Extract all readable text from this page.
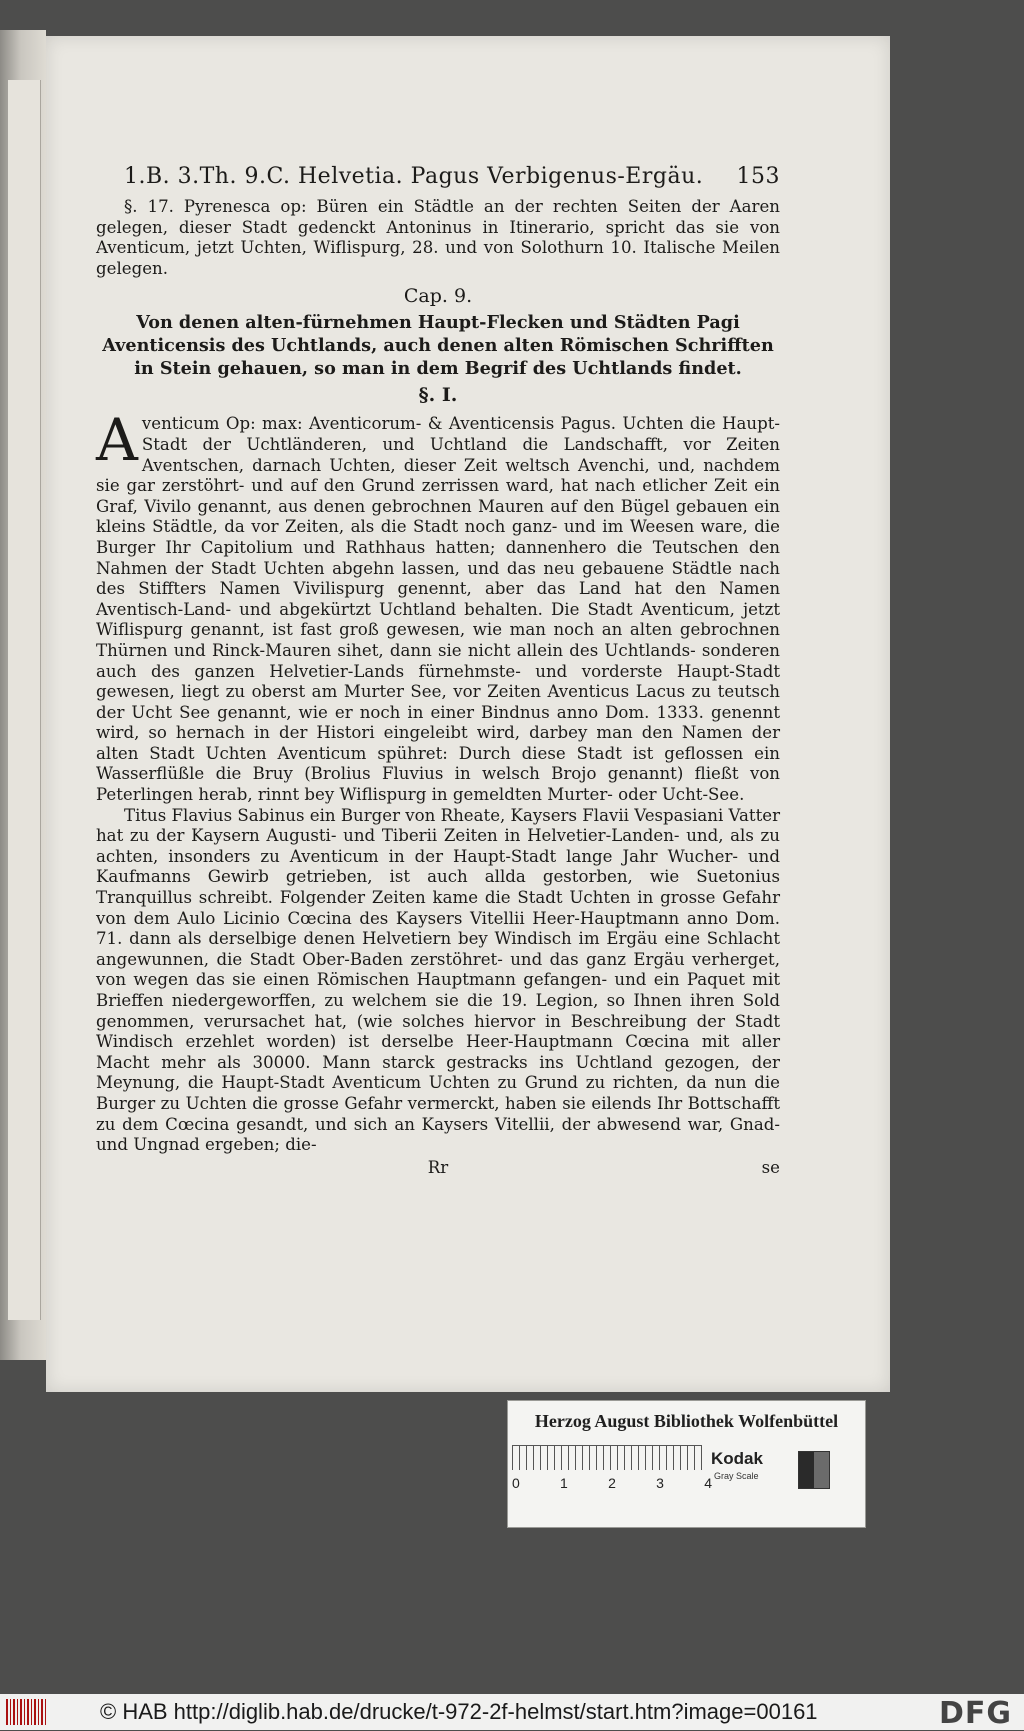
1.B. 3.Th. 9.C. Helvetia. Pagus Verbigenus-Ergäu. 153

§. 17. Pyrenesca op: Büren ein Städtle an der rechten Seiten der Aaren gelegen, dieser Stadt gedenckt Antoninus in Itinerario, spricht das sie von Aventicum, jetzt Uchten, Wiflispurg, 28. und von Solothurn 10. Italische Meilen gelegen.

Cap. 9.
Von denen alten-fürnehmen Haupt-Flecken und Städten Pagi Aventicensis des Uchtlands, auch denen alten Römischen Schrifften in Stein gehauen, so man in dem Begrif des Uchtlands findet.
§. I.

Aventicum Op: max: Aventicorum- & Aventicensis Pagus. Uchten die Haupt-Stadt der Uchtländeren, und Uchtland die Landschafft, vor Zeiten Aventschen, darnach Uchten, dieser Zeit weltsch Avenchi, und, nachdem sie gar zerstöhrt- und auf den Grund zerrissen ward, hat nach etlicher Zeit ein Graf, Vivilo genannt, aus denen gebrochnen Mauren auf den Bügel gebauen ein kleins Städtle, da vor Zeiten, als die Stadt noch ganz- und im Weesen ware, die Burger Ihr Capitolium und Rathhaus hatten; dannenhero die Teutschen den Nahmen der Stadt Uchten abgehn lassen, und das neu gebauene Städtle nach des Stiffters Namen Vivilispurg genennt, aber das Land hat den Namen Aventisch-Land- und abgekürtzt Uchtland behalten. Die Stadt Aventicum, jetzt Wiflispurg genannt, ist fast groß gewesen, wie man noch an alten gebrochnen Thürnen und Rinck-Mauren sihet, dann sie nicht allein des Uchtlands- sonderen auch des ganzen Helvetier-Lands fürnehmste- und vorderste Haupt-Stadt gewesen, liegt zu oberst am Murter See, vor Zeiten Aventicus Lacus zu teutsch der Ucht See genannt, wie er noch in einer Bindnus anno Dom. 1333. genennt wird, so hernach in der Histori eingeleibt wird, darbey man den Namen der alten Stadt Uchten Aventicum spühret: Durch diese Stadt ist geflossen ein Wasserflüßle die Bruy (Brolius Fluvius in welsch Brojo genannt) fließt von Peterlingen herab, rinnt bey Wiflispurg in gemeldten Murter- oder Ucht-See.

Titus Flavius Sabinus ein Burger von Rheate, Kaysers Flavii Vespasiani Vatter hat zu der Kaysern Augusti- und Tiberii Zeiten in Helvetier-Landen- und, als zu achten, insonders zu Aventicum in der Haupt-Stadt lange Jahr Wucher- und Kaufmanns Gewirb getrieben, ist auch allda gestorben, wie Suetonius Tranquillus schreibt. Folgender Zeiten kame die Stadt Uchten in grosse Gefahr von dem Aulo Licinio Cœcina des Kaysers Vitellii Heer-Hauptmann anno Dom. 71. dann als derselbige denen Helvetiern bey Windisch im Ergäu eine Schlacht angewunnen, die Stadt Ober-Baden zerstöhret- und das ganz Ergäu verherget, von wegen das sie einen Römischen Hauptmann gefangen- und ein Paquet mit Brieffen niedergeworffen, zu welchem sie die 19. Legion, so Ihnen ihren Sold genommen, verursachet hat, (wie solches hiervor in Beschreibung der Stadt Windisch erzehlet worden) ist derselbe Heer-Hauptmann Cœcina mit aller Macht mehr als 30000. Mann starck gestracks ins Uchtland gezogen, der Meynung, die Haupt-Stadt Aventicum Uchten zu Grund zu richten, da nun die Burger zu Uchten die grosse Gefahr vermerckt, haben sie eilends Ihr Bottschafft zu dem Cœcina gesandt, und sich an Kaysers Vitellii, der abwesend war, Gnad- und Ungnad ergeben; die-

Rr	se
Herzog August Bibliothek Wolfenbüttel
0	1	2	3	4
Kodak
Gray Scale
© HAB http://diglib.hab.de/drucke/t-972-2f-helmst/start.htm?image=00161	DFG
